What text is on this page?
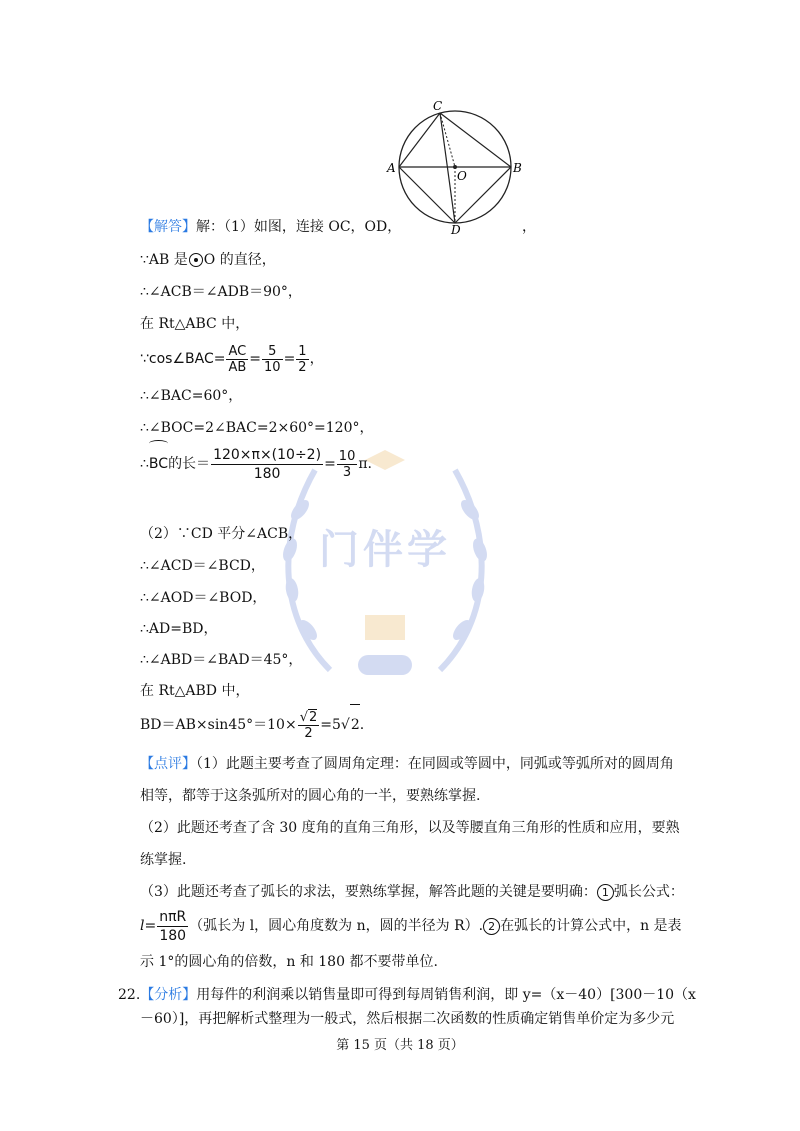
门伴学
A	B
C
D
O
【解答】解：（1）如图，连接 OC，OD，	，
∵AB 是 O 的直径，
∴∠ACB＝∠ADB＝90°，
在 Rt△ABC 中，
∵cos∠BAC= $\frac{AC}{AB} = \frac{5}{10} = \frac{1}{2}$ ，
∴∠BAC=60°，
∴∠BOC=2∠BAC=2×60°=120°，
∴BC的长＝ $\frac{120\times\pi\times(10\div 2)}{180} = \frac{10}{3} \pi$.
（2）∵CD 平分∠ACB，
∴∠ACD＝∠BCD，
∴∠AOD＝∠BOD，
∴AD=BD，
∴∠ABD＝∠BAD＝45°，
在 Rt△ABD 中，
$BD=AB\times\sin 45^\circ=10\times \frac{√2}{2} =5√2$.
【点评】（1）此题主要考查了圆周角定理：在同圆或等圆中，同弧或等弧所对的圆周角
相等，都等于这条弧所对的圆心角的一半，要熟练掌握.
（2）此题还考查了含 30 度角的直角三角形，以及等腰直角三角形的性质和应用，要熟
练掌握.
（3）此题还考查了弧长的求法，要熟练掌握，解答此题的关键是要明确： 1 弧长公式：
$l= \frac{\text{nπR}}{180}$ （弧长为 l，圆心角度数为 n，圆的半径为 R）. 2 在弧长的计算公式中，n 是表
示 1°的圆心角的倍数，n 和 180 都不要带单位.
22.【分析】用每件的利润乘以销售量即可得到每周销售利润，即 y=（x－40）[300－10（x
－60）]，再把解析式整理为一般式，然后根据二次函数的性质确定销售单价定为多少元
第 15 页（共 18 页）
